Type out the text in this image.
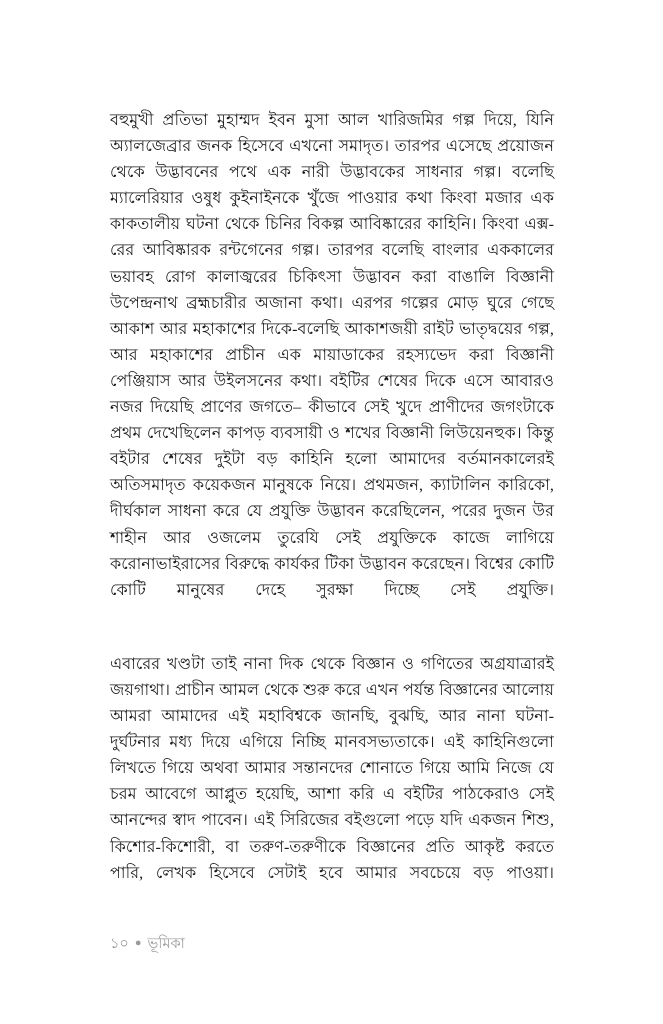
বহুমুখী প্রতিভা মুহাম্মদ ইবন মুসা আল খারিজমির গল্প দিয়ে, যিনি অ্যালজেব্রার জনক হিসেবে এখনো সমাদৃত। তারপর এসেছে প্রয়োজন থেকে উদ্ভাবনের পথে এক নারী উদ্ভাবকের সাধনার গল্প। বলেছি ম্যালেরিয়ার ওষুধ কুইনাইনকে খুঁজে পাওয়ার কথা কিংবা মজার এক কাকতালীয় ঘটনা থেকে চিনির বিকল্প আবিষ্কারের কাহিনি। কিংবা এক্স-রের আবিষ্কারক রন্টগেনের গল্প। তারপর বলেছি বাংলার এককালের ভয়াবহ রোগ কালাজ্বরের চিকিৎসা উদ্ভাবন করা বাঙালি বিজ্ঞানী উপেন্দ্রনাথ ব্রহ্মচারীর অজানা কথা। এরপর গল্পের মোড় ঘুরে গেছে আকাশ আর মহাকাশের দিকে-বলেছি আকাশজয়ী রাইট ভাতৃদ্বয়ের গল্প, আর মহাকাশের প্রাচীন এক মায়াডাকের রহস্যভেদ করা বিজ্ঞানী পেঞ্জিয়াস আর উইলসনের কথা। বইটির শেষের দিকে এসে আবারও নজর দিয়েছি প্রাণের জগতে– কীভাবে সেই খুদে প্রাণীদের জগংটাকে প্রথম দেখেছিলেন কাপড় ব্যবসায়ী ও শখের বিজ্ঞানী লিউয়েনহুক। কিন্তু বইটার শেষের দুইটা বড় কাহিনি হলো আমাদের বর্তমানকালেরই অতিসমাদৃত কয়েকজন মানুষকে নিয়ে। প্রথমজন, ক্যাটালিন কারিকো, দীর্ঘকাল সাধনা করে যে প্রযুক্তি উদ্ভাবন করেছিলেন, পরের দুজন উর শাহীন আর ওজলেম তুরেযি সেই প্রযুক্তিকে কাজে লাগিয়ে করোনাভাইরাসের বিরুদ্ধে কার্যকর টিকা উদ্ভাবন করেছেন। বিশ্বের কোটি কোটি মানুষের দেহে সুরক্ষা দিচ্ছে সেই প্রযুক্তি।

এবারের খণ্ডটা তাই নানা দিক থেকে বিজ্ঞান ও গণিতের অগ্রযাত্রারই জয়গাথা। প্রাচীন আমল থেকে শুরু করে এখন পর্যন্ত বিজ্ঞানের আলোয় আমরা আমাদের এই মহাবিশ্বকে জানছি, বুঝছি, আর নানা ঘটনা-দুর্ঘটনার মধ্য দিয়ে এগিয়ে নিচ্ছি মানবসভ্যতাকে। এই কাহিনিগুলো লিখতে গিয়ে অথবা আমার সন্তানদের শোনাতে গিয়ে আমি নিজে যে চরম আবেগে আপ্লুত হয়েছি, আশা করি এ বইটির পাঠকেরাও সেই আনন্দের স্বাদ পাবেন। এই সিরিজের বইগুলো পড়ে যদি একজন শিশু, কিশোর-কিশোরী, বা তরুণ-তরুণীকে বিজ্ঞানের প্রতি আকৃষ্ট করতে পারি, লেখক হিসেবে সেটাই হবে আমার সবচেয়ে বড় পাওয়া।

১০ ● ভূমিকা
